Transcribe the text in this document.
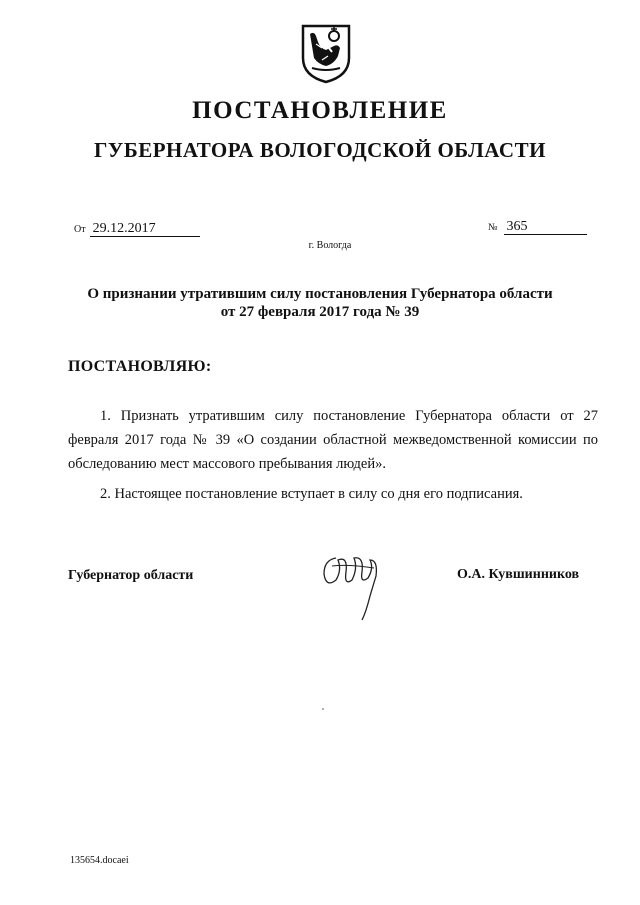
ПОСТАНОВЛЕНИЕ
ГУБЕРНАТОРА ВОЛОГОДСКОЙ ОБЛАСТИ
От 29.12.2017	№ 365
г. Вологда
О признании утратившим силу постановления Губернатора области
от 27 февраля 2017 года № 39
ПОСТАНОВЛЯЮ:

1. Признать утратившим силу постановление Губернатора области от 27 февраля 2017 года № 39 «О создании областной межведомственной комиссии по обследованию мест массового пребывания людей».

2. Настоящее постановление вступает в силу со дня его подписания.

Губернатор области	О.А. Кувшинников
135654.docaei
